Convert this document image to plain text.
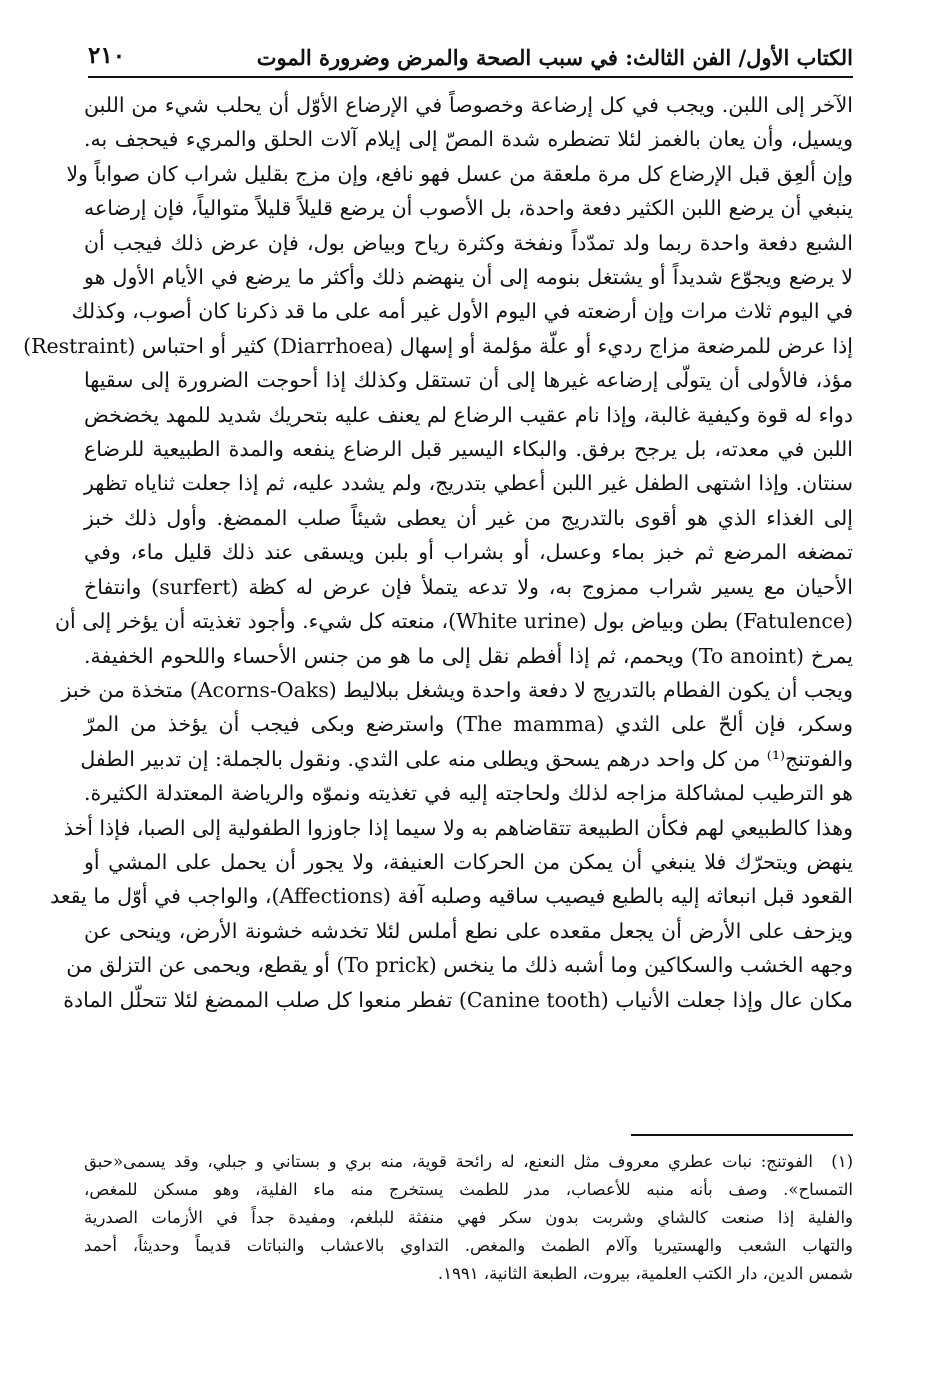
الكتاب الأول/ الفن الثالث: في سبب الصحة والمرض وضرورة الموت
٢١٠
الآخر إلى اللبن. ويجب في كل إرضاعة وخصوصاً في الإرضاع الأوّل أن يحلب شيء من اللبن
ويسيل، وأن يعان بالغمز لئلا تضطره شدة المصّ إلى إيلام آلات الحلق والمريء فيحجف به.
وإن ألعِق قبل الإرضاع كل مرة ملعقة من عسل فهو نافع، وإن مزج بقليل شراب كان صواباً ولا
ينبغي أن يرضع اللبن الكثير دفعة واحدة، بل الأصوب أن يرضع قليلاً قليلاً متوالياً، فإن إرضاعه
الشبع دفعة واحدة ربما ولد تمدّداً ونفخة وكثرة رياح وبياض بول، فإن عرض ذلك فيجب أن
لا يرضع ويجوّع شديداً أو يشتغل بنومه إلى أن ينهضم ذلك وأكثر ما يرضع في الأيام الأول هو
في اليوم ثلاث مرات وإن أرضعته في اليوم الأول غير أمه على ما قد ذكرنا كان أصوب، وكذلك
إذا عرض للمرضعة مزاج رديء أو علّة مؤلمة أو إسهال (Diarrhoea) كثير أو احتباس (Restraint)
مؤذ، فالأولى أن يتولّى إرضاعه غيرها إلى أن تستقل وكذلك إذا أحوجت الضرورة إلى سقيها
دواء له قوة وكيفية غالبة، وإذا نام عقيب الرضاع لم يعنف عليه بتحريك شديد للمهد يخضخض
اللبن في معدته، بل يرجح برفق. والبكاء اليسير قبل الرضاع ينفعه والمدة الطبيعية للرضاع
سنتان. وإذا اشتهى الطفل غير اللبن أعطي بتدريج، ولم يشدد عليه، ثم إذا جعلت ثناياه تظهر
إلى الغذاء الذي هو أقوى بالتدريج من غير أن يعطى شيئاً صلب الممضغ. وأول ذلك خبز
تمضغه المرضع ثم خبز بماء وعسل، أو بشراب أو بلبن ويسقى عند ذلك قليل ماء، وفي
الأحيان مع يسير شراب ممزوج به، ولا تدعه يتملأ فإن عرض له كظة (surfert) وانتفاخ
(Fatulence) بطن وبياض بول (White urine)، منعته كل شيء. وأجود تغذيته أن يؤخر إلى أن
يمرخ (To anoint) ويحمم، ثم إذا أفطم نقل إلى ما هو من جنس الأحساء واللحوم الخفيفة.
ويجب أن يكون الفطام بالتدريج لا دفعة واحدة ويشغل ببلاليط (Acorns-Oaks) متخذة من خبز
وسكر، فإن ألحّ على الثدي (The mamma) واسترضع وبكى فيجب أن يؤخذ من المرّ
والفوتنج⁽¹⁾ من كل واحد درهم يسحق ويطلى منه على الثدي. ونقول بالجملة: إن تدبير الطفل
هو الترطيب لمشاكلة مزاجه لذلك ولحاجته إليه في تغذيته ونموّه والرياضة المعتدلة الكثيرة.
وهذا كالطبيعي لهم فكأن الطبيعة تتقاضاهم به ولا سيما إذا جاوزوا الطفولية إلى الصبا، فإذا أخذ
ينهض ويتحرّك فلا ينبغي أن يمكن من الحركات العنيفة، ولا يجور أن يحمل على المشي أو
القعود قبل انبعاثه إليه بالطبع فيصيب ساقيه وصلبه آفة (Affections)، والواجب في أوّل ما يقعد
ويزحف على الأرض أن يجعل مقعده على نطع أملس لئلا تخدشه خشونة الأرض، وينحى عن
وجهه الخشب والسكاكين وما أشبه ذلك ما ينخس (To prick) أو يقطع، ويحمى عن التزلق من
مكان عال وإذا جعلت الأنياب (Canine tooth) تفطر منعوا كل صلب الممضغ لئلا تتحلّل المادة
(١)الفوتنج: نبات عطري معروف مثل النعنع، له رائحة قوية، منه بري و بستاني و جبلي، وقد يسمى«حبق
التمساح». وصف بأنه منبه للأعصاب، مدر للطمث يستخرج منه ماء الفلية، وهو مسكن للمغص،
والفلية إذا صنعت كالشاي وشربت بدون سكر فهي منفثة للبلغم، ومفيدة جداً في الأزمات الصدرية
والتهاب الشعب والهستيريا وآلام الطمث والمغص. التداوي بالاعشاب والنباتات قديماً وحديثاً، أحمد
شمس الدين، دار الكتب العلمية، بيروت، الطبعة الثانية، ١٩٩١.
